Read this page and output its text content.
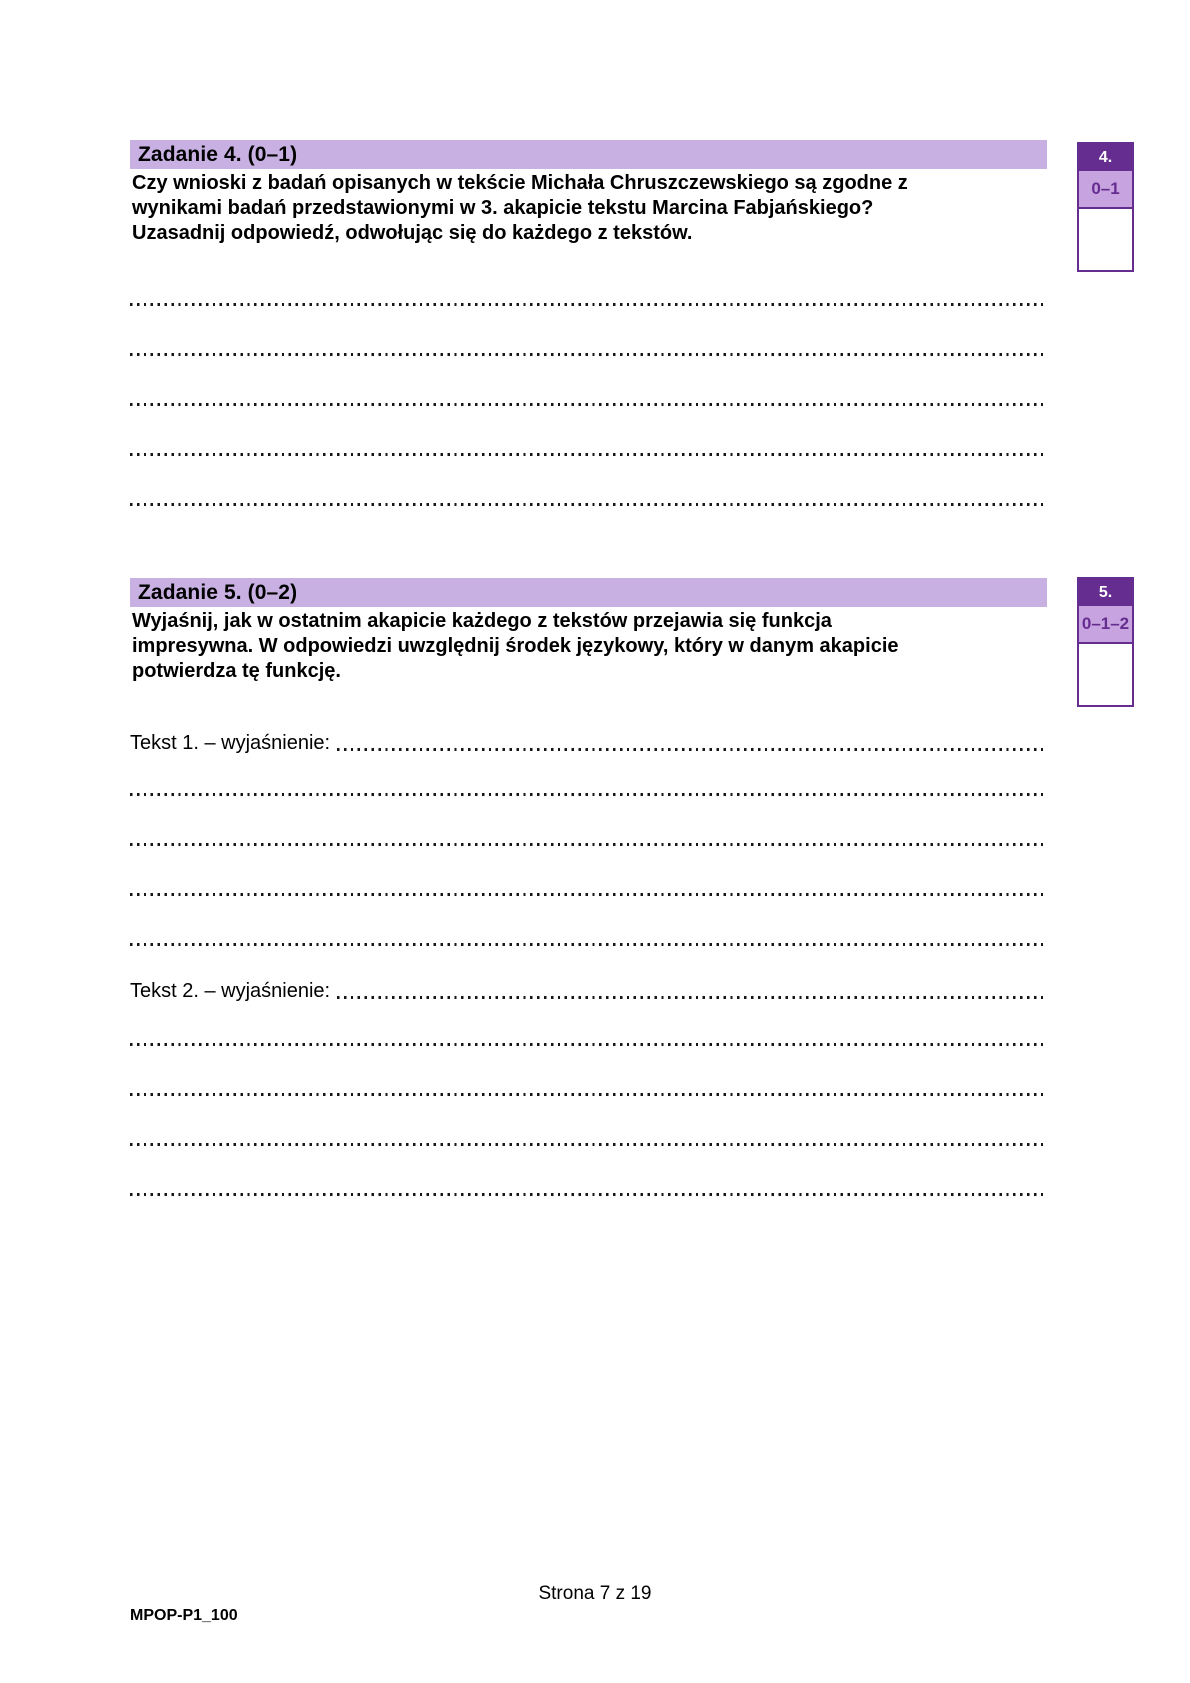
Zadanie 4. (0–1)

Czy wnioski z badań opisanych w tekście Michała Chruszczewskiego są zgodne z wynikami badań przedstawionymi w 3. akapicie tekstu Marcina Fabjańskiego? Uzasadnij odpowiedź, odwołując się do każdego z tekstów.

Zadanie 5. (0–2)

Wyjaśnij, jak w ostatnim akapicie każdego z tekstów przejawia się funkcja impresywna. W odpowiedzi uwzględnij środek językowy, który w danym akapicie potwierdza tę funkcję.

Tekst 1. – wyjaśnienie:
Tekst 2. – wyjaśnienie:
4.
0–1
5.
0–1–2
Strona 7 z 19
MPOP-P1_100
